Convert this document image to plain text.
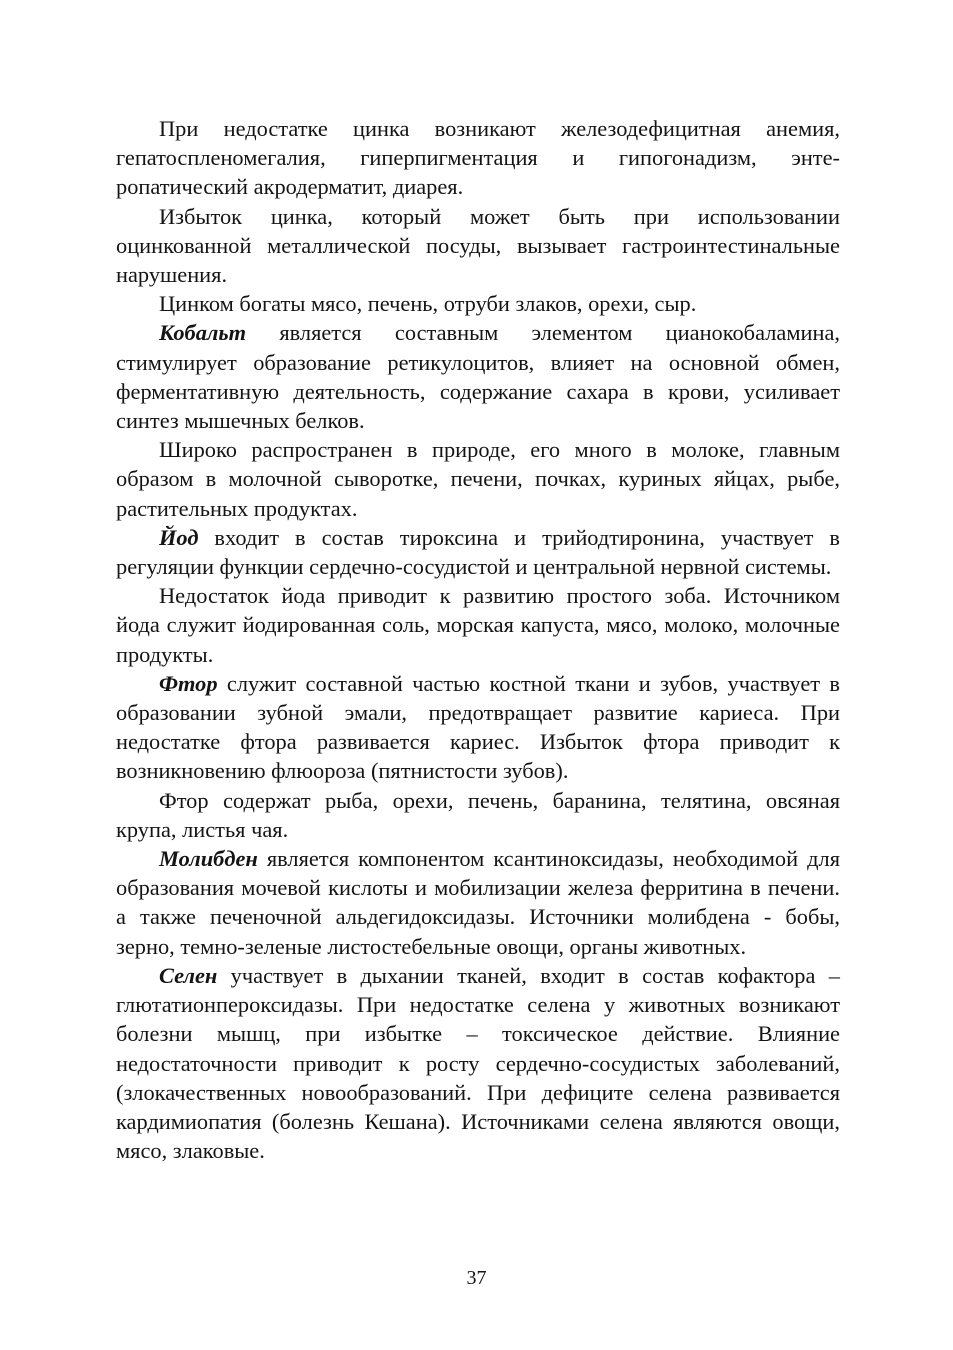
При недостатке цинка возникают железодефицитная анемия, гепатоспленомегалия, гиперпигментация и гипогонадизм, энтеропатический акродерматит, диарея.

Избыток цинка, который может быть при использовании оцинкованной металлической посуды, вызывает гастроинтестинальные нарушения.

Цинком богаты мясо, печень, отруби злаков, орехи, сыр.

Кобальт является составным элементом цианокобаламина, стимулирует образование ретикулоцитов, влияет на основной обмен, ферментативную деятельность, содержание сахара в крови, усиливает синтез мышечных белков.

Широко распространен в природе, его много в молоке, главным образом в молочной сыворотке, печени, почках, куриных яйцах, рыбе, растительных продуктах.

Йод входит в состав тироксина и трийодтиронина, участвует в регуляции функции сердечно-сосудистой и центральной нервной системы.

Недостаток йода приводит к развитию простого зоба. Источником йода служит йодированная соль, морская капуста, мясо, молоко, молочные продукты.

Фтор служит составной частью костной ткани и зубов, участвует в образовании зубной эмали, предотвращает развитие кариеса. При недостатке фтора развивается кариес. Избыток фтора приводит к возникновению флюороза (пятнистости зубов).

Фтор содержат рыба, орехи, печень, баранина, телятина, овсяная крупа, листья чая.

Молибден является компонентом ксантиноксидазы, необходимой для образования мочевой кислоты и мобилизации железа ферритина в печени. а также печеночной альдегидоксидазы. Источники молибдена - бобы, зерно, темно-зеленые листостебельные овощи, органы животных.

Селен участвует в дыхании тканей, входит в состав кофактора – глютатионпероксидазы. При недостатке селена у животных возникают болезни мышц, при избытке – токсическое действие. Влияние недостаточности приводит к росту сердечно-сосудистых заболеваний, (злокачественных новообразований. При дефиците селена развивается кардимиопатия (болезнь Кешана). Источниками селена являются овощи, мясо, злаковые.

37
